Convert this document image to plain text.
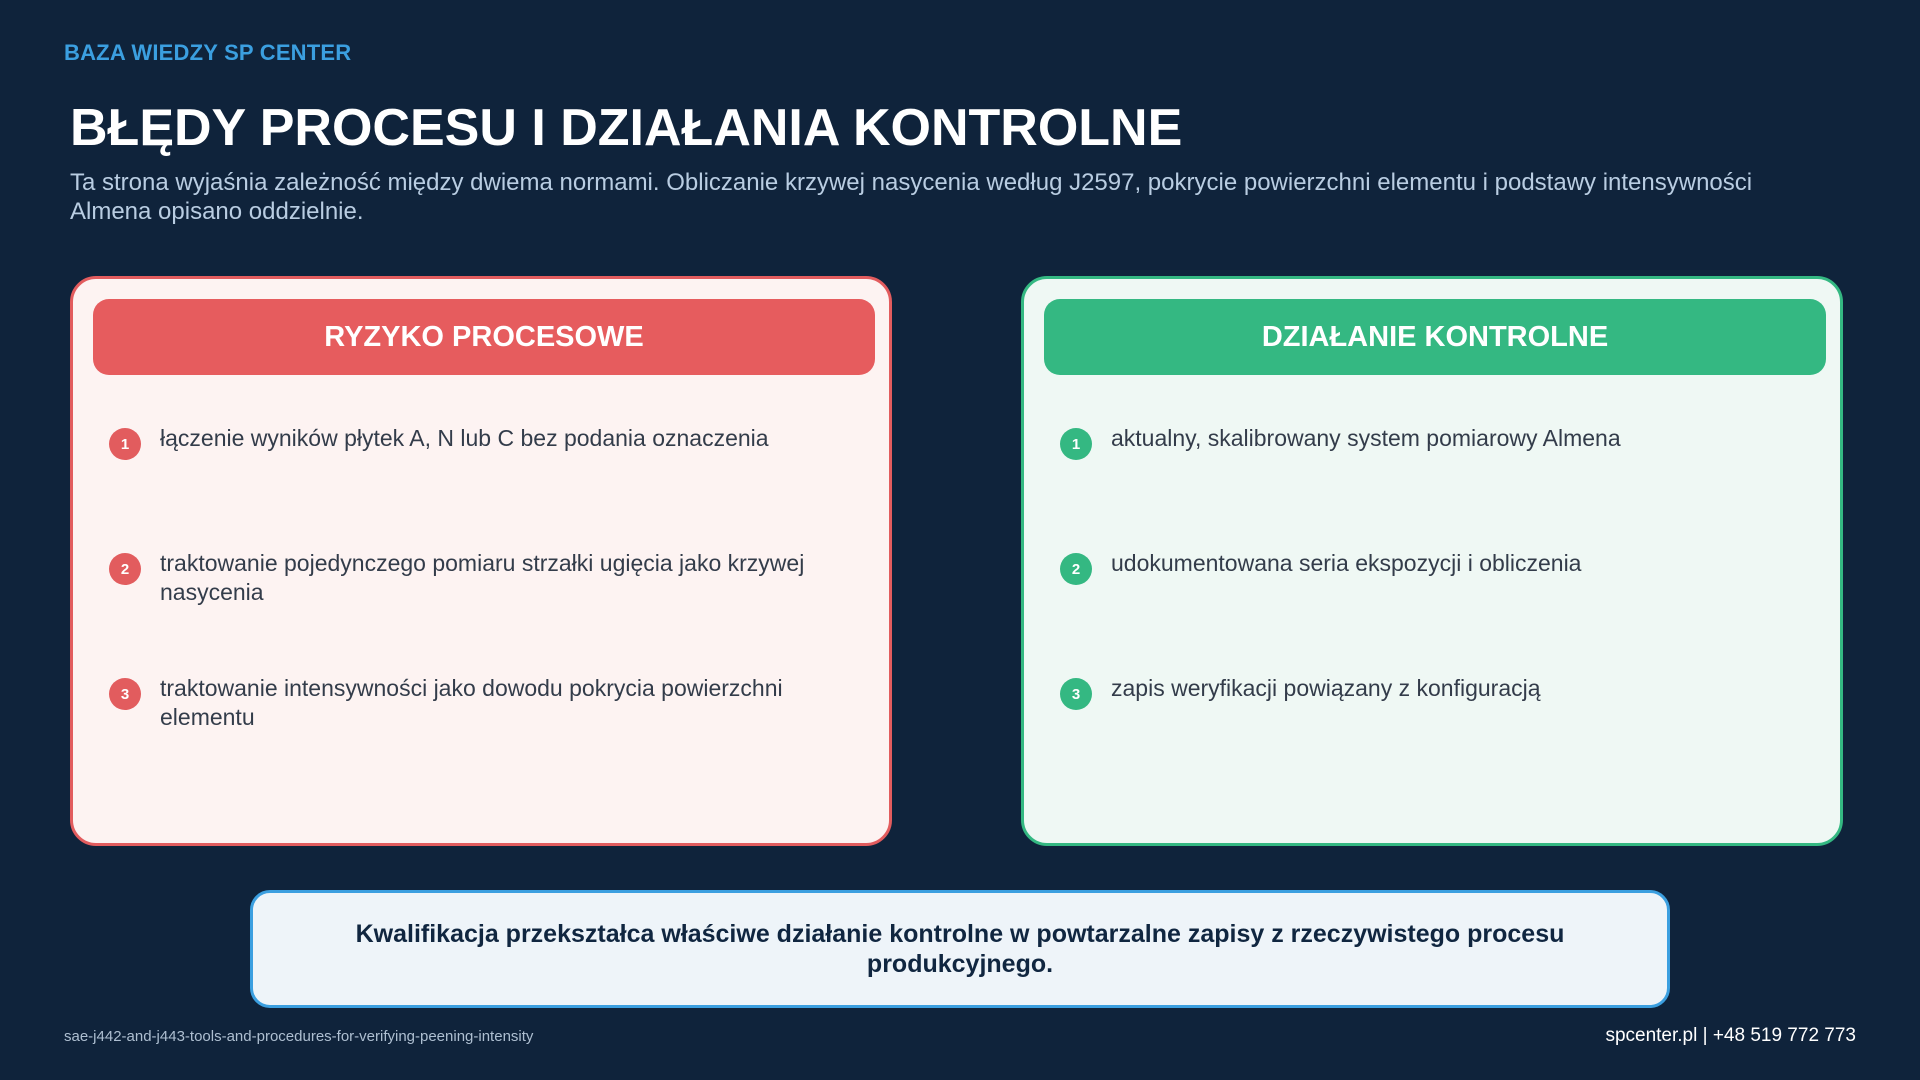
BAZA WIEDZY SP CENTER
BŁĘDY PROCESU I DZIAŁANIA KONTROLNE

Ta strona wyjaśnia zależność między dwiema normami. Obliczanie krzywej nasycenia według J2597, pokrycie powierzchni elementu i podstawy intensywności Almena opisano oddzielnie.

RYZYKO PROCESOWE
1	łączenie wyników płytek A, N lub C bez podania oznaczenia
2	traktowanie pojedynczego pomiaru strzałki ugięcia jako krzywej nasycenia
3	traktowanie intensywności jako dowodu pokrycia powierzchni elementu
DZIAŁANIE KONTROLNE
1	aktualny, skalibrowany system pomiarowy Almena
2	udokumentowana seria ekspozycji i obliczenia
3	zapis weryfikacji powiązany z konfiguracją
Kwalifikacja przekształca właściwe działanie kontrolne w powtarzalne zapisy z rzeczywistego procesu produkcyjnego.
sae-j442-and-j443-tools-and-procedures-for-verifying-peening-intensity	spcenter.pl | +48 519 772 773
